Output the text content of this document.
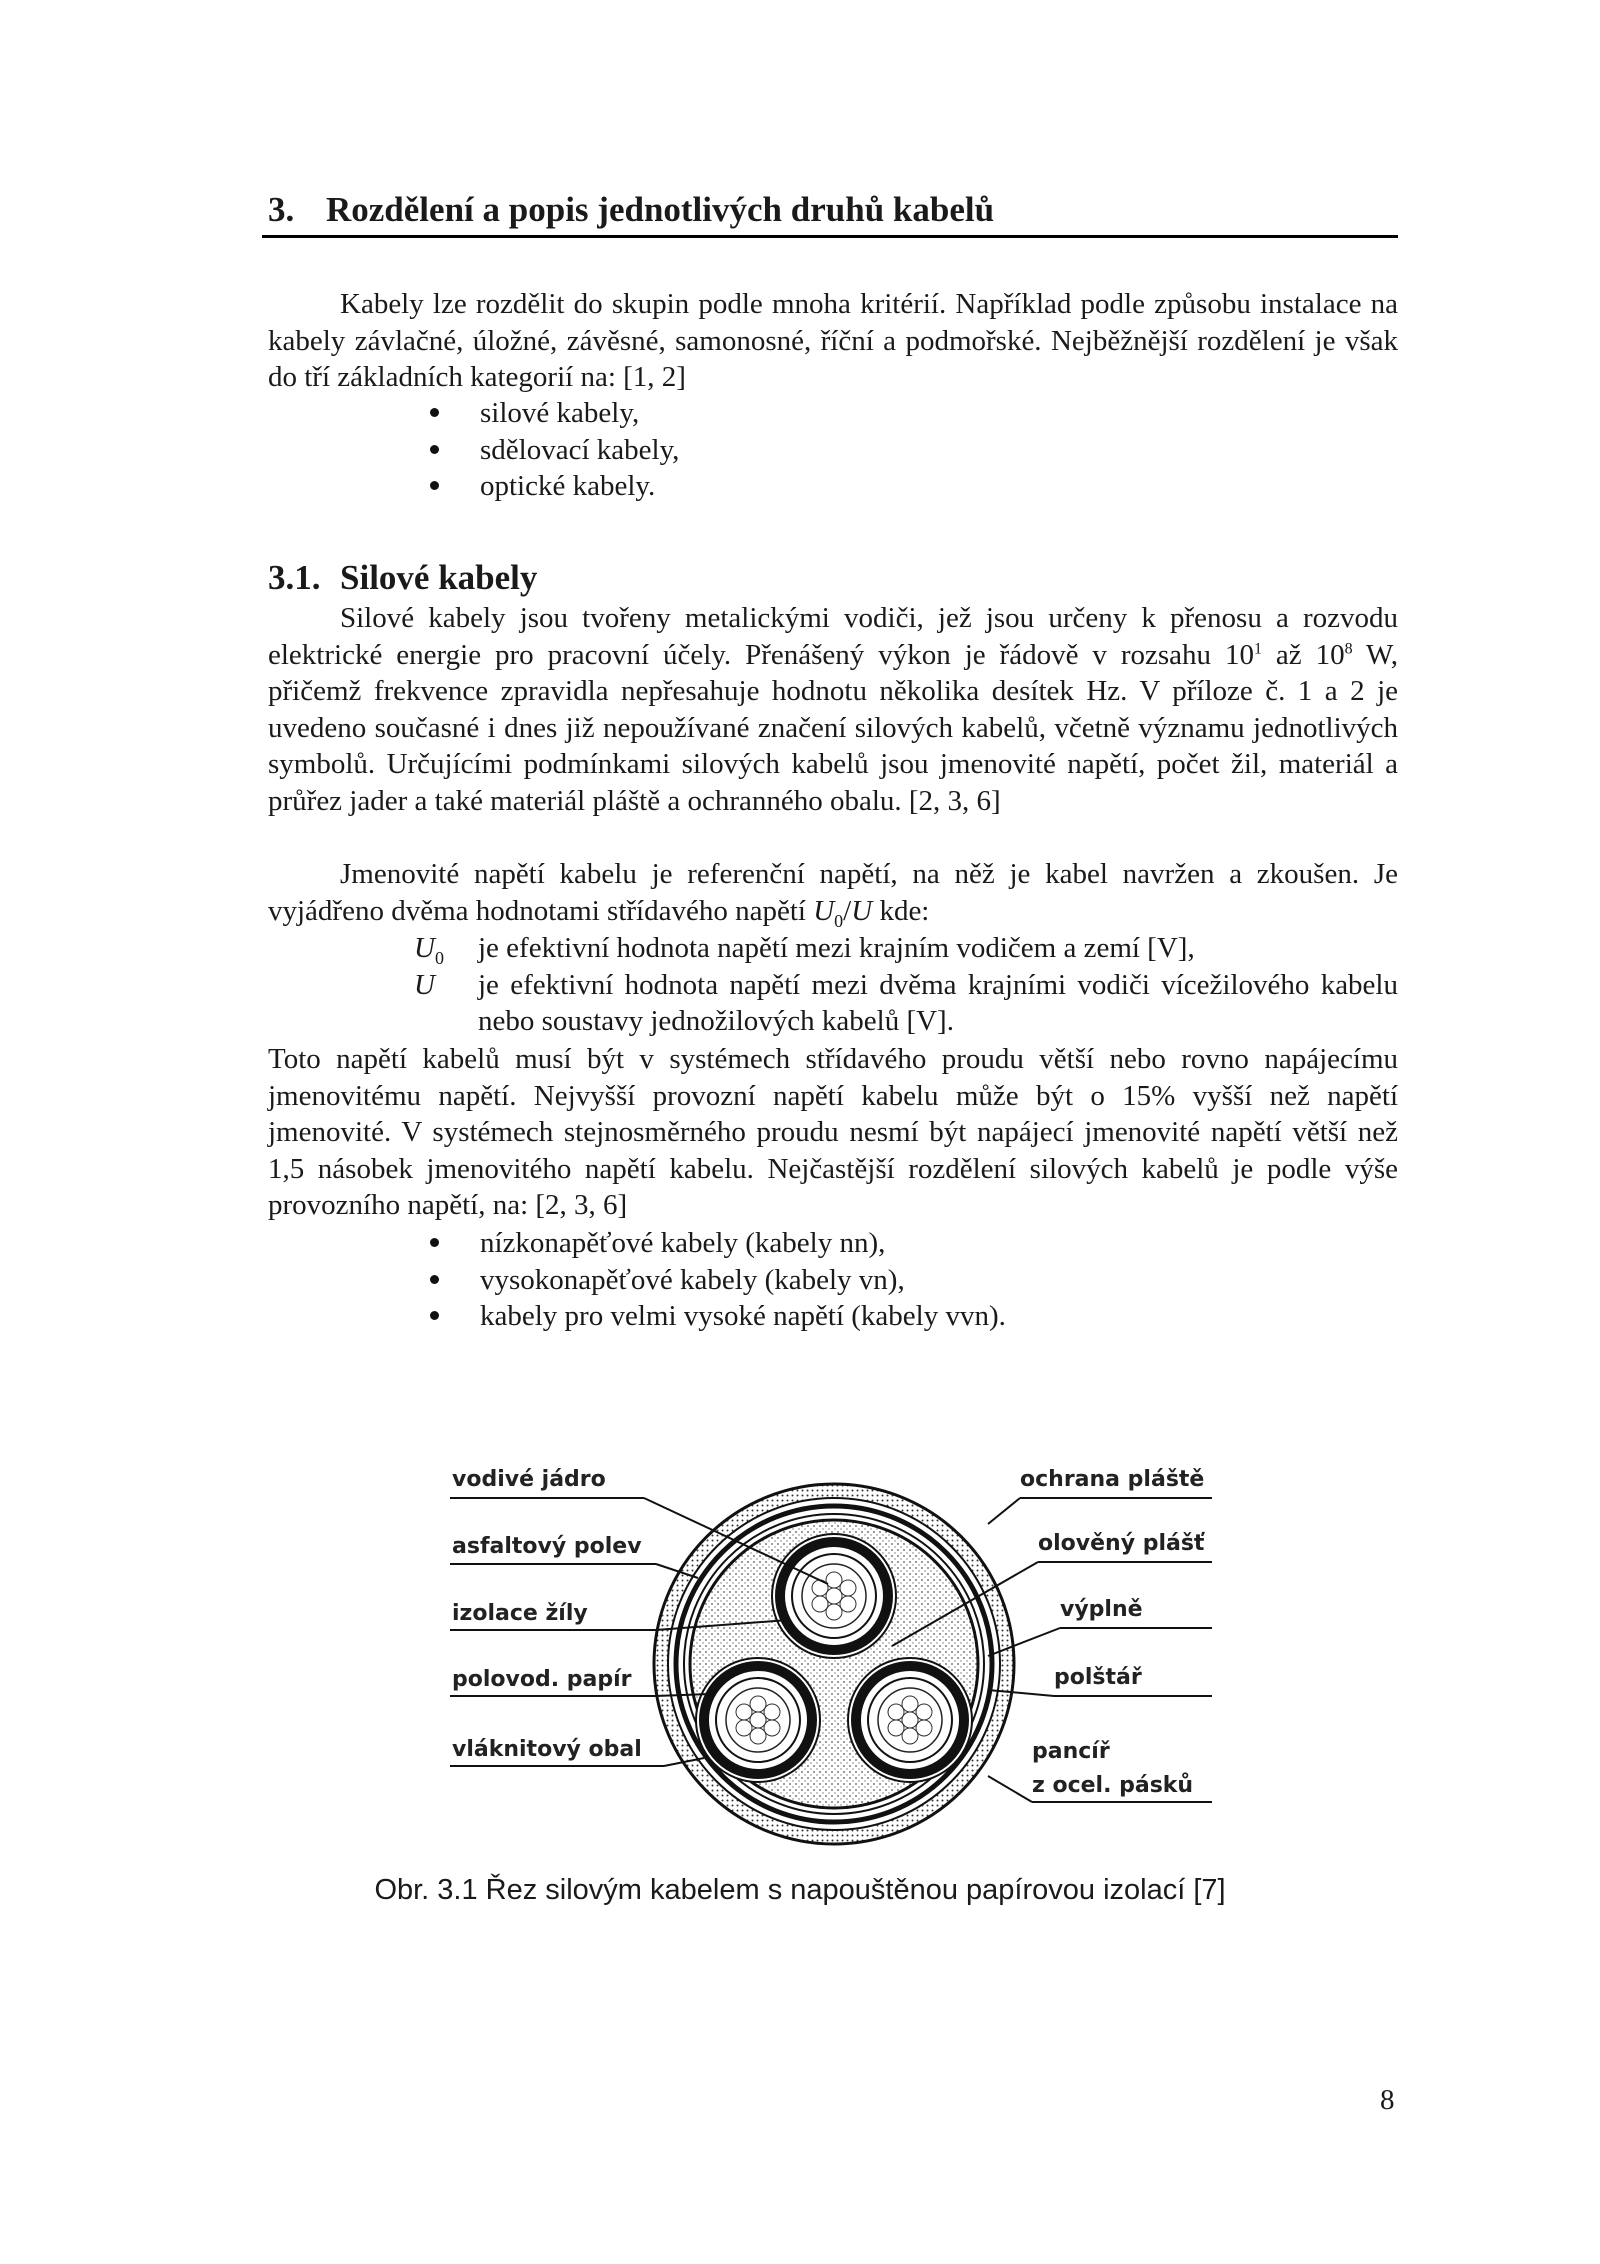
3. Rozdělení a popis jednotlivých druhů kabelů

Kabely lze rozdělit do skupin podle mnoha kritérií. Například podle způsobu instalace na kabely závlačné, úložné, závěsné, samonosné, říční a podmořské. Nejběžnější rozdělení je však do tří základních kategorií na: [1, 2]

silové kabely,
sdělovací kabely,
optické kabely.
3.1. Silové kabely

Silové kabely jsou tvořeny metalickými vodiči, jež jsou určeny k přenosu a rozvodu elektrické energie pro pracovní účely. Přenášený výkon je řádově v rozsahu $10^1$ až $10^8$ W, přičemž frekvence zpravidla nepřesahuje hodnotu několika desítek Hz. V příloze č. 1 a 2 je uvedeno současné i dnes již nepoužívané značení silových kabelů, včetně významu jednotlivých symbolů. Určujícími podmínkami silových kabelů jsou jmenovité napětí, počet žil, materiál a průřez jader a také materiál pláště a ochranného obalu. [2, 3, 6]

Jmenovité napětí kabelu je referenční napětí, na něž je kabel navržen a zkoušen. Je vyjádřeno dvěma hodnotami střídavého napětí $U_0/U$ kde:

$U_0$	je efektivní hodnota napětí mezi krajním vodičem a zemí [V],
U	je efektivní hodnota napětí mezi dvěma krajními vodiči vícežilového kabelu nebo soustavy jednožilových kabelů [V].

Toto napětí kabelů musí být v systémech střídavého proudu větší nebo rovno napájecímu jmenovitému napětí. Nejvyšší provozní napětí kabelu může být o 15% vyšší než napětí jmenovité. V systémech stejnosměrného proudu nesmí být napájecí jmenovité napětí větší než 1,5 násobek jmenovitého napětí kabelu. Nejčastější rozdělení silových kabelů je podle výše provozního napětí, na: [2, 3, 6]

nízkonapěťové kabely (kabely nn),
vysokonapěťové kabely (kabely vn),
kabely pro velmi vysoké napětí (kabely vvn).
vodivé jádro
asfaltový polev
izolace žíly
polovod. papír
vláknitový obal
ochrana pláště
olověný plášť
výplně
polštář
pancíř
z ocel. pásků

Obr. 3.1 Řez silovým kabelem s napouštěnou papírovou izolací [7]

8
